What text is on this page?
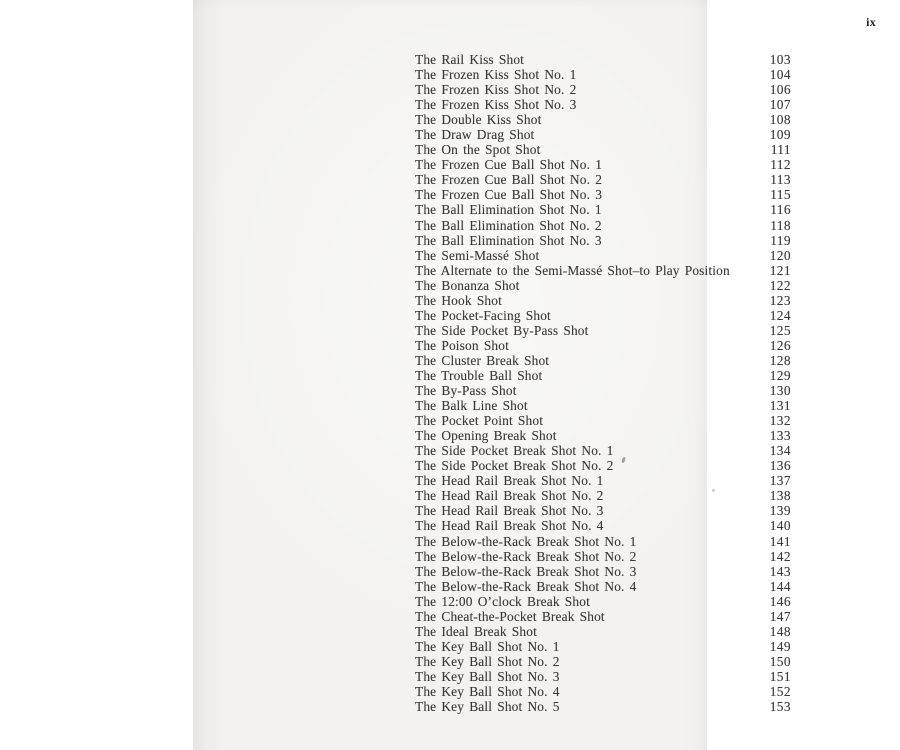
ix
The Rail Kiss Shot	103
The Frozen Kiss Shot No. 1	104
The Frozen Kiss Shot No. 2	106
The Frozen Kiss Shot No. 3	107
The Double Kiss Shot	108
The Draw Drag Shot	109
The On the Spot Shot	111
The Frozen Cue Ball Shot No. 1	112
The Frozen Cue Ball Shot No. 2	113
The Frozen Cue Ball Shot No. 3	115
The Ball Elimination Shot No. 1	116
The Ball Elimination Shot No. 2	118
The Ball Elimination Shot No. 3	119
The Semi-Massé Shot	120
The Alternate to the Semi-Massé Shot–to Play Position	121
The Bonanza Shot	122
The Hook Shot	123
The Pocket-Facing Shot	124
The Side Pocket By-Pass Shot	125
The Poison Shot	126
The Cluster Break Shot	128
The Trouble Ball Shot	129
The By-Pass Shot	130
The Balk Line Shot	131
The Pocket Point Shot	132
The Opening Break Shot	133
The Side Pocket Break Shot No. 1	134
The Side Pocket Break Shot No. 2	136
The Head Rail Break Shot No. 1	137
The Head Rail Break Shot No. 2	138
The Head Rail Break Shot No. 3	139
The Head Rail Break Shot No. 4	140
The Below-the-Rack Break Shot No. 1	141
The Below-the-Rack Break Shot No. 2	142
The Below-the-Rack Break Shot No. 3	143
The Below-the-Rack Break Shot No. 4	144
The 12:00 O’clock Break Shot	146
The Cheat-the-Pocket Break Shot	147
The Ideal Break Shot	148
The Key Ball Shot No. 1	149
The Key Ball Shot No. 2	150
The Key Ball Shot No. 3	151
The Key Ball Shot No. 4	152
The Key Ball Shot No. 5	153
